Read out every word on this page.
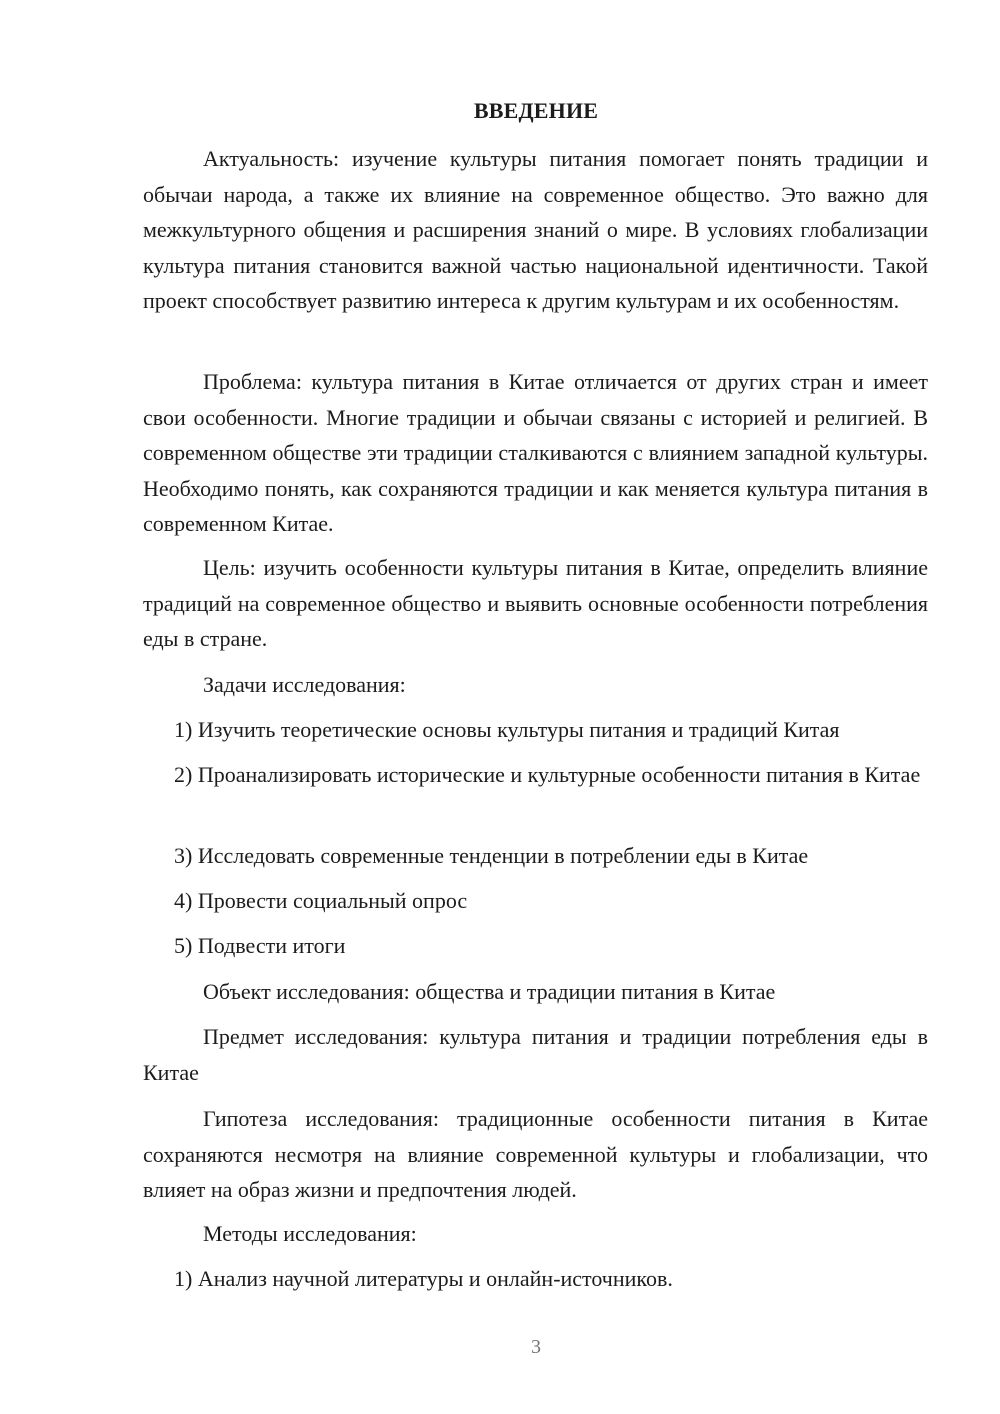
ВВЕДЕНИЕ

Актуальность: изучение культуры питания помогает понять традиции и обычаи народа, а также их влияние на современное общество. Это важно для межкультурного общения и расширения знаний о мире. В условиях глобализации культура питания становится важной частью национальной идентичности. Такой проект способствует развитию интереса к другим культурам и их особенностям.

Проблема: культура питания в Китае отличается от других стран и имеет свои особенности. Многие традиции и обычаи связаны с историей и религией. В современном обществе эти традиции сталкиваются с влиянием западной культуры. Необходимо понять, как сохраняются традиции и как меняется культура питания в современном Китае.

Цель: изучить особенности культуры питания в Китае, определить влияние традиций на современное общество и выявить основные особенности потребления еды в стране.

Задачи исследования:

1) Изучить теоретические основы культуры питания и традиций Китая

2) Проанализировать исторические и культурные особенности питания в Китае

3) Исследовать современные тенденции в потреблении еды в Китае

4) Провести социальный опрос

5) Подвести итоги

Объект исследования: общества и традиции питания в Китае

Предмет исследования: культура питания и традиции потребления еды в Китае

Гипотеза исследования: традиционные особенности питания в Китае сохраняются несмотря на влияние современной культуры и глобализации, что влияет на образ жизни и предпочтения людей.

Методы исследования:

1) Анализ научной литературы и онлайн-источников.

3
